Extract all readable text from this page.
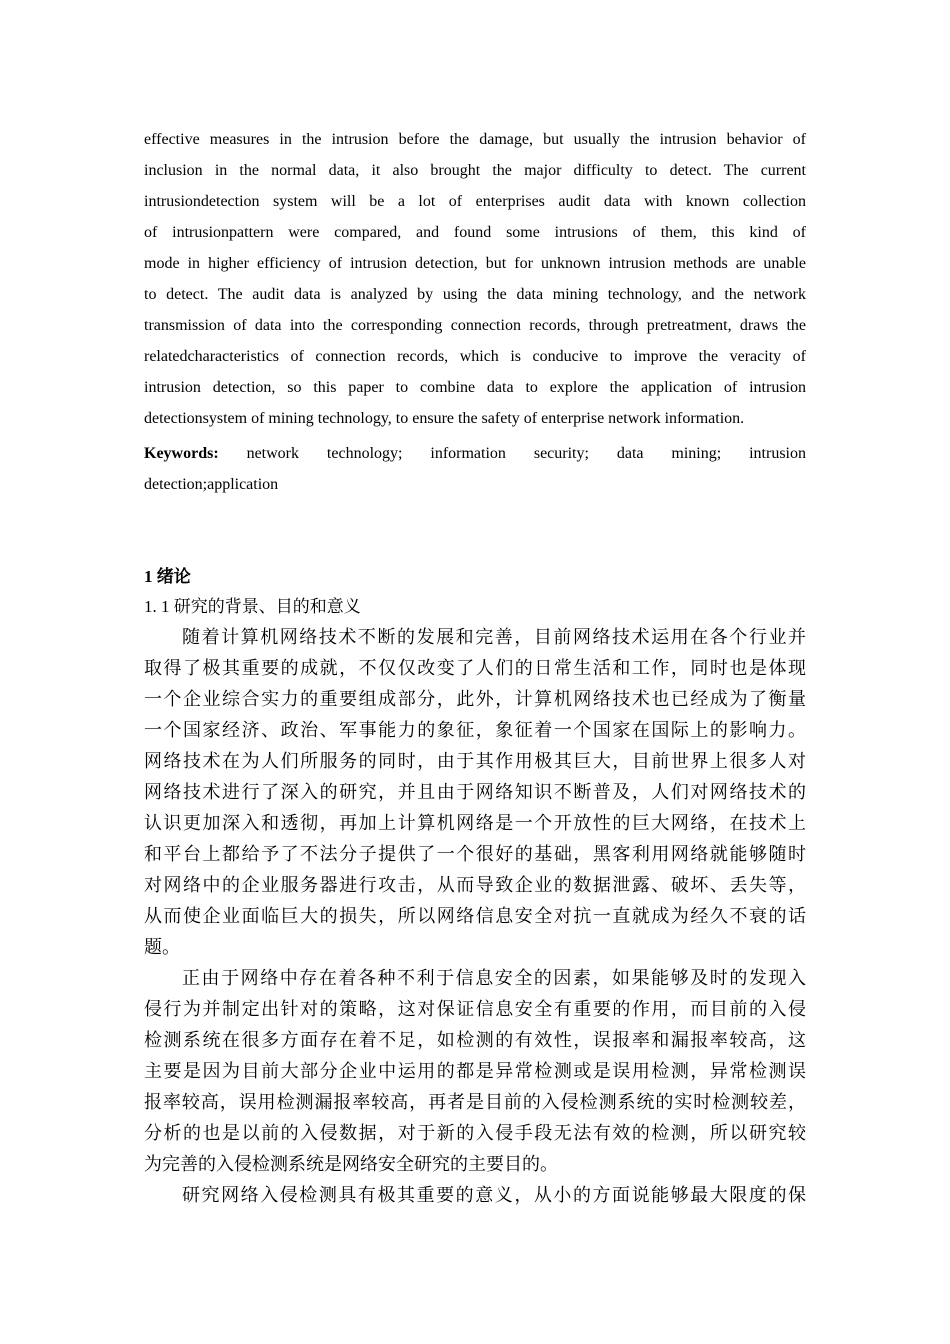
effective measures in the intrusion before the damage, but usually the intrusion behavior of
inclusion in the normal data, it also brought the major difficulty to detect. The current
intrusiondetection system will be a lot of enterprises audit data with known collection
of intrusionpattern were compared, and found some intrusions of them, this kind of
mode in higher efficiency of intrusion detection, but for unknown intrusion methods are unable
to detect. The audit data is analyzed by using the data mining technology, and the network
transmission of data into the corresponding connection records, through pretreatment, draws the
relatedcharacteristics of connection records, which is conducive to improve the veracity of
intrusion detection, so this paper to combine data to explore the application of intrusion
detectionsystem of mining technology, to ensure the safety of enterprise network information.
Keywords: network technology; information security; data mining; intrusion
detection;application
1 绪论
1. 1 研究的背景、目的和意义
随着计算机网络技术不断的发展和完善，目前网络技术运用在各个行业并
取得了极其重要的成就，不仅仅改变了人们的日常生活和工作，同时也是体现
一个企业综合实力的重要组成部分，此外，计算机网络技术也已经成为了衡量
一个国家经济、政治、军事能力的象征，象征着一个国家在国际上的影响力。
网络技术在为人们所服务的同时，由于其作用极其巨大，目前世界上很多人对
网络技术进行了深入的研究，并且由于网络知识不断普及，人们对网络技术的
认识更加深入和透彻，再加上计算机网络是一个开放性的巨大网络，在技术上
和平台上都给予了不法分子提供了一个很好的基础，黑客利用网络就能够随时
对网络中的企业服务器进行攻击，从而导致企业的数据泄露、破坏、丢失等，
从而使企业面临巨大的损失，所以网络信息安全对抗一直就成为经久不衰的话
题。
正由于网络中存在着各种不利于信息安全的因素，如果能够及时的发现入
侵行为并制定出针对的策略，这对保证信息安全有重要的作用，而目前的入侵
检测系统在很多方面存在着不足，如检测的有效性，误报率和漏报率较高，这
主要是因为目前大部分企业中运用的都是异常检测或是误用检测，异常检测误
报率较高，误用检测漏报率较高，再者是目前的入侵检测系统的实时检测较差，
分析的也是以前的入侵数据，对于新的入侵手段无法有效的检测，所以研究较
为完善的入侵检测系统是网络安全研究的主要目的。
研究网络入侵检测具有极其重要的意义，从小的方面说能够最大限度的保
